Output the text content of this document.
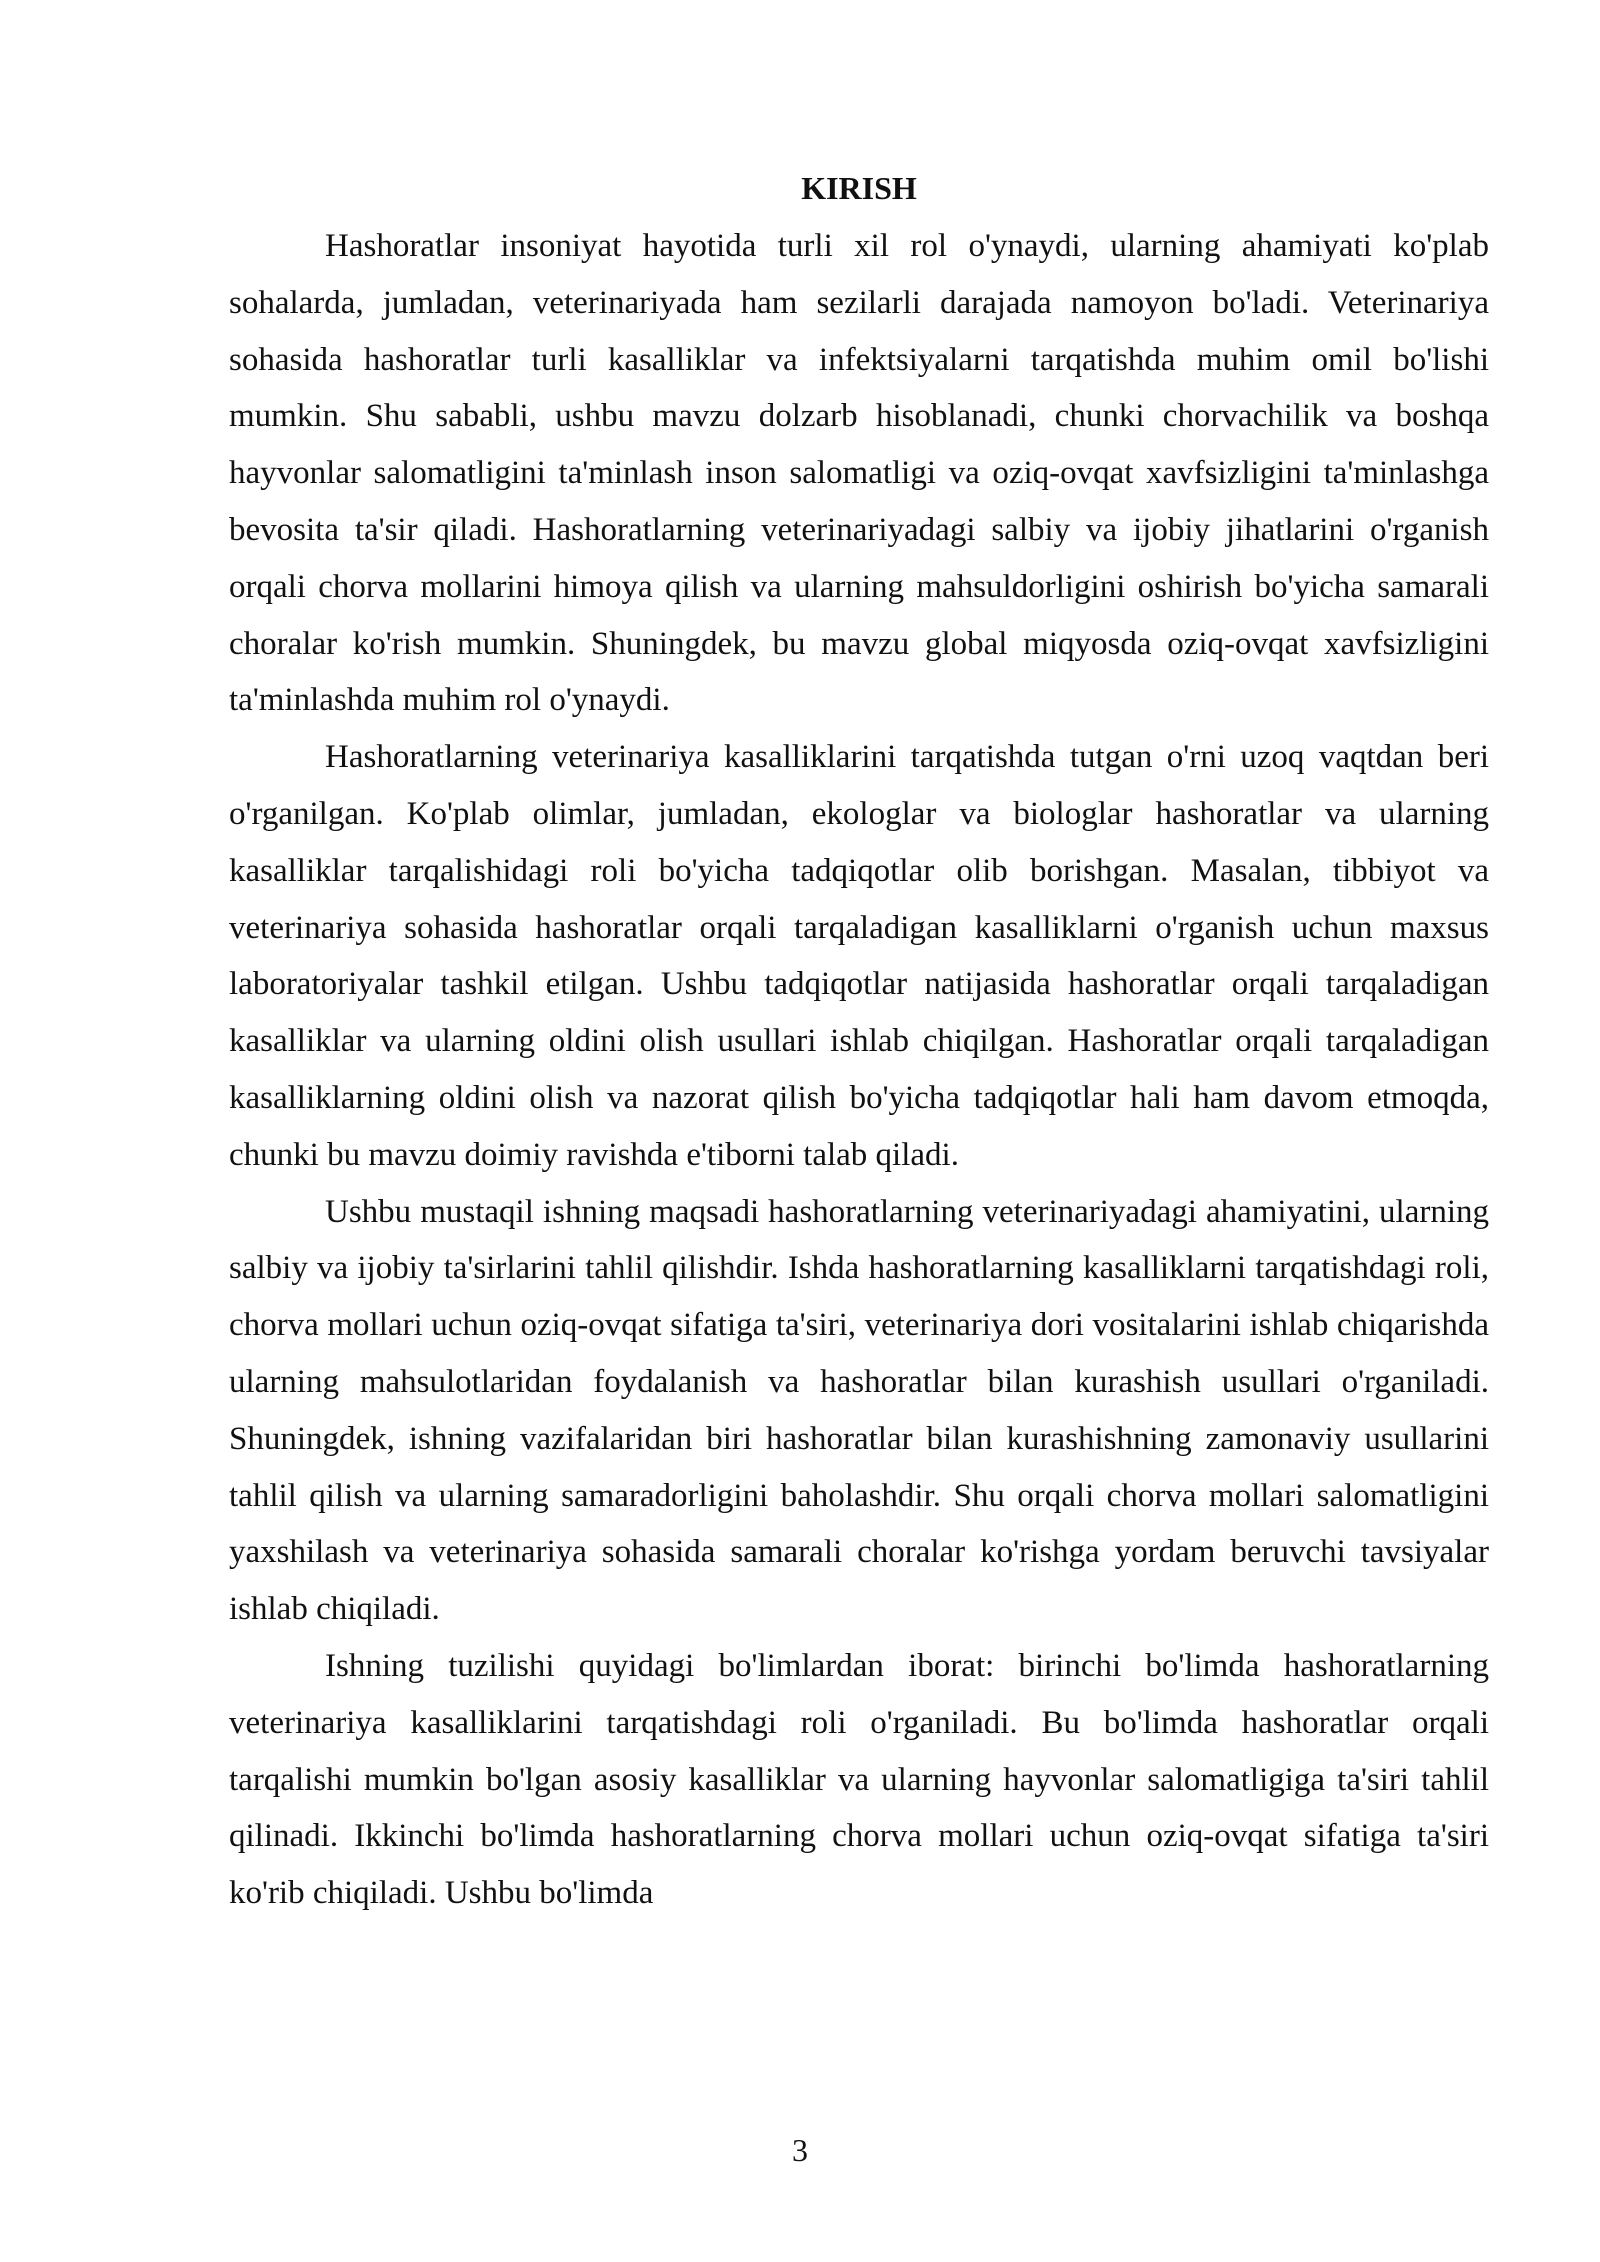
KIRISH

Hashoratlar insoniyat hayotida turli xil rol o'ynaydi, ularning ahamiyati ko'plab sohalarda, jumladan, veterinariyada ham sezilarli darajada namoyon bo'ladi. Veterinariya sohasida hashoratlar turli kasalliklar va infektsiyalarni tarqatishda muhim omil bo'lishi mumkin. Shu sababli, ushbu mavzu dolzarb hisoblanadi, chunki chorvachilik va boshqa hayvonlar salomatligini ta'minlash inson salomatligi va oziq-ovqat xavfsizligini ta'minlashga bevosita ta'sir qiladi. Hashoratlarning veterinariyadagi salbiy va ijobiy jihatlarini o'rganish orqali chorva mollarini himoya qilish va ularning mahsuldorligini oshirish bo'yicha samarali choralar ko'rish mumkin. Shuningdek, bu mavzu global miqyosda oziq-ovqat xavfsizligini ta'minlashda muhim rol o'ynaydi.

Hashoratlarning veterinariya kasalliklarini tarqatishda tutgan o'rni uzoq vaqtdan beri o'rganilgan. Ko'plab olimlar, jumladan, ekologlar va biologlar hashoratlar va ularning kasalliklar tarqalishidagi roli bo'yicha tadqiqotlar olib borishgan. Masalan, tibbiyot va veterinariya sohasida hashoratlar orqali tarqaladigan kasalliklarni o'rganish uchun maxsus laboratoriyalar tashkil etilgan. Ushbu tadqiqotlar natijasida hashoratlar orqali tarqaladigan kasalliklar va ularning oldini olish usullari ishlab chiqilgan. Hashoratlar orqali tarqaladigan kasalliklarning oldini olish va nazorat qilish bo'yicha tadqiqotlar hali ham davom etmoqda, chunki bu mavzu doimiy ravishda e'tiborni talab qiladi.

Ushbu mustaqil ishning maqsadi hashoratlarning veterinariyadagi ahamiyatini, ularning salbiy va ijobiy ta'sirlarini tahlil qilishdir. Ishda hashoratlarning kasalliklarni tarqatishdagi roli, chorva mollari uchun oziq-ovqat sifatiga ta'siri, veterinariya dori vositalarini ishlab chiqarishda ularning mahsulotlaridan foydalanish va hashoratlar bilan kurashish usullari o'rganiladi. Shuningdek, ishning vazifalaridan biri hashoratlar bilan kurashishning zamonaviy usullarini tahlil qilish va ularning samaradorligini baholashdir. Shu orqali chorva mollari salomatligini yaxshilash va veterinariya sohasida samarali choralar ko'rishga yordam beruvchi tavsiyalar ishlab chiqiladi.

Ishning tuzilishi quyidagi bo'limlardan iborat: birinchi bo'limda hashoratlarning veterinariya kasalliklarini tarqatishdagi roli o'rganiladi. Bu bo'limda hashoratlar orqali tarqalishi mumkin bo'lgan asosiy kasalliklar va ularning hayvonlar salomatligiga ta'siri tahlil qilinadi. Ikkinchi bo'limda hashoratlarning chorva mollari uchun oziq-ovqat sifatiga ta'siri ko'rib chiqiladi. Ushbu bo'limda

3
